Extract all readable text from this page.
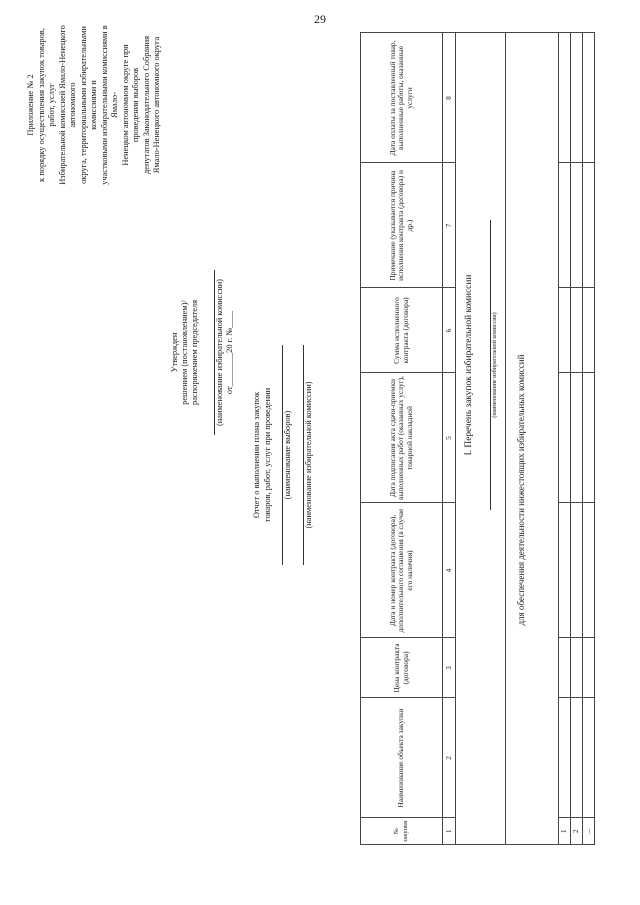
29
Приложение № 2 к порядку осуществления закупок товаров, работ, услуг Избирательной комиссией Ямало-Ненецкого автономного округа, территориальными избирательными комиссиями и участковыми избирательными комиссиями в Ямало- Ненецком автономном округе при проведении выборов депутатов Законодательного Собрания Ямало-Ненецкого автономного округа
Утвержден решением (постановлением)/ распоряжением председателя (наименование избирательной комиссии) от________20 г. №____
Отчет о выполнении плана закупок товаров, работ, услуг при проведении (наименование выборов) (наименование избирательной комиссии)
№ закупки	Наименование объекта закупки	Цена контракта (договора)	Дата и номер контракта (договора), дополнительного соглашения (в случае его наличия)	Дата подписания акта сдачи-приемки выполненных работ (оказанных услуг), товарной накладной	Сумма исполненного контракта (договора)	Примечание (указывается причина исполнения контракта (договора) и др.)	Дата оплаты за поставленный товар, выполненные работы, оказанные услуги
1	2	3	4	5	6	7	8

1							
2							
...							
I. Перечень закупок избирательной комиссии	(наименование избирательной комиссии) для обеспечения деятельности нижестоящих избирательных комиссий
